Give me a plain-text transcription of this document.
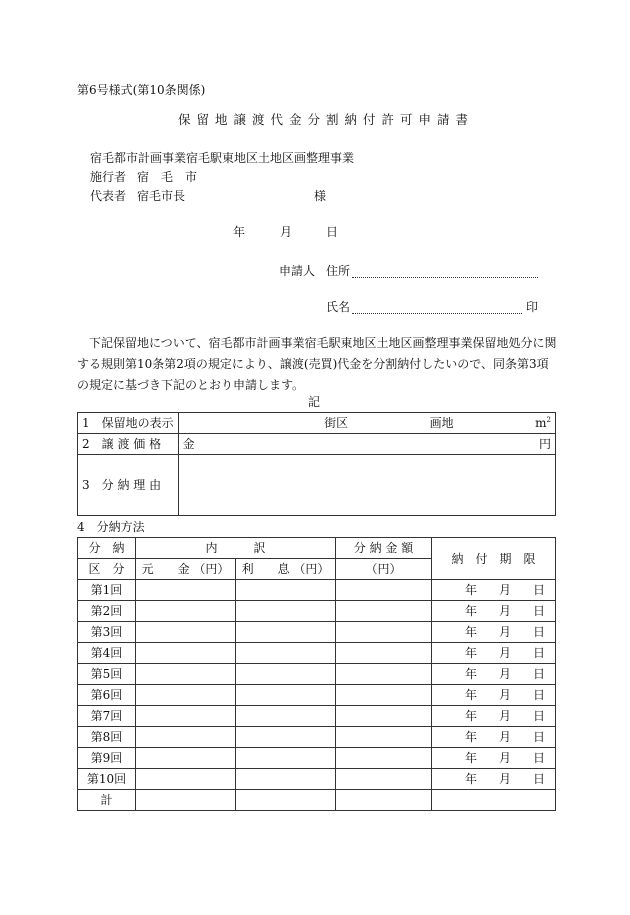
第6号様式(第10条関係)
保留地譲渡代金分割納付許可申請書
宿毛都市計画事業宿毛駅東地区土地区画整理事業
施行者 宿　毛　市
代表者 宿毛市長	様
年	月	日
申請人 住所
氏名	印
下記保留地について、宿毛都市計画事業宿毛駅東地区土地区画整理事業保留地処分に関する規則第10条第2項の規定により、譲渡(売買)代金を分割納付したいので、同条第3項の規定に基づき下記のとおり申請します。
記
1　保留地の表示	街区 画地 $m^2$

2　譲 渡 価 格	金 円

3　分 納 理 由	
4　分納方法
分　納	内　　　訳		分 納 金 額	納　付　期　限
区　分	元　　金 （円）	利　　息 （円）	（円）	
第1回				年 月 日

第2回				年 月 日

第3回				年 月 日

第4回				年 月 日

第5回				年 月 日

第6回				年 月 日

第7回				年 月 日

第8回				年 月 日

第9回				年 月 日

第10回				年 月 日

計				
